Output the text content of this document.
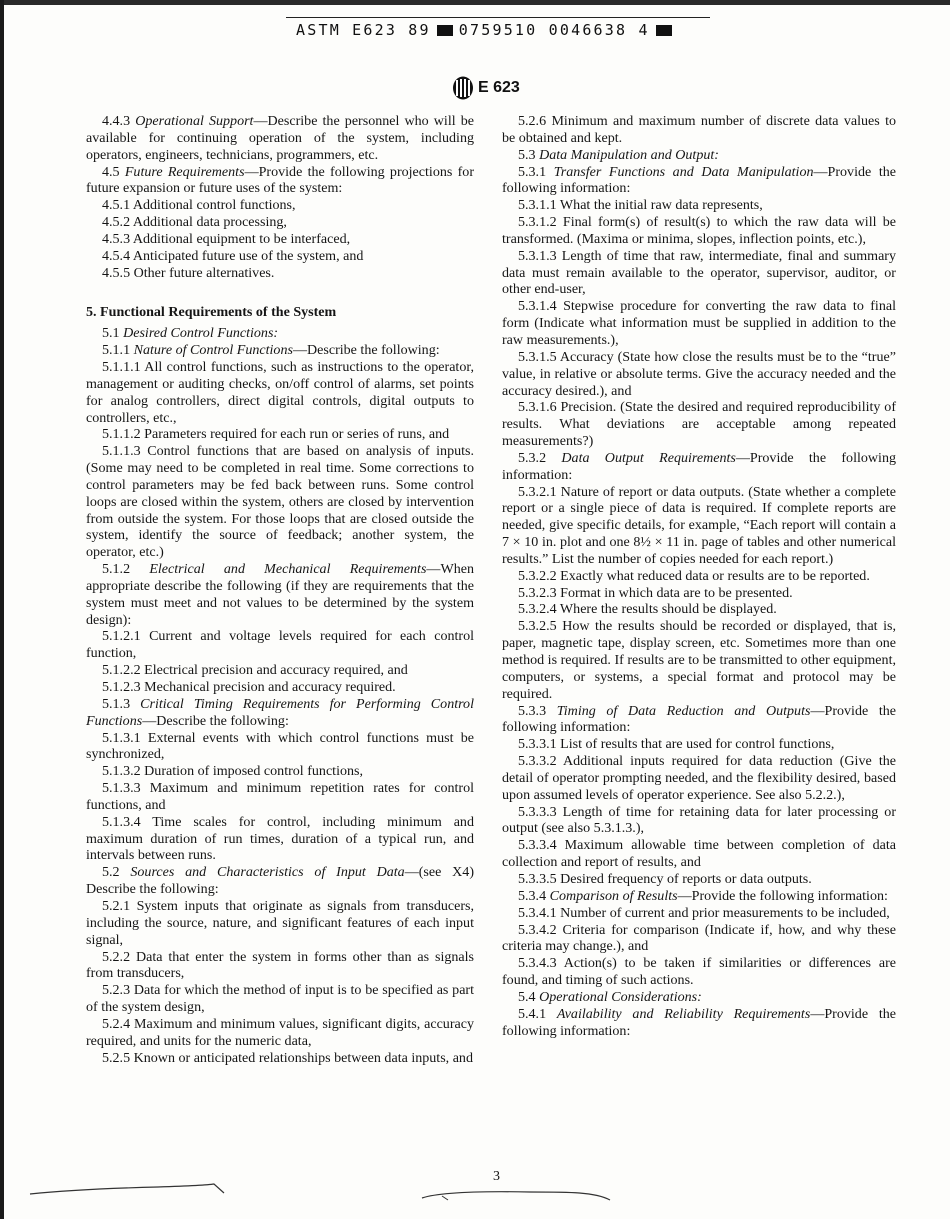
ASTM E623 89 0759510 0046638 4
E 623

4.4.3 Operational Support—Describe the personnel who will be available for continuing operation of the system, including operators, engineers, technicians, programmers, etc.

4.5 Future Requirements—Provide the following projections for future expansion or future uses of the system:

4.5.1 Additional control functions,

4.5.2 Additional data processing,

4.5.3 Additional equipment to be interfaced,

4.5.4 Anticipated future use of the system, and

4.5.5 Other future alternatives.

5. Functional Requirements of the System

5.1 Desired Control Functions:

5.1.1 Nature of Control Functions—Describe the following:

5.1.1.1 All control functions, such as instructions to the operator, management or auditing checks, on/off control of alarms, set points for analog controllers, direct digital controls, digital outputs to controllers, etc.,

5.1.1.2 Parameters required for each run or series of runs, and

5.1.1.3 Control functions that are based on analysis of inputs. (Some may need to be completed in real time. Some corrections to control parameters may be fed back between runs. Some control loops are closed within the system, others are closed by intervention from outside the system. For those loops that are closed outside the system, identify the source of feedback; another system, the operator, etc.)

5.1.2 Electrical and Mechanical Requirements—When appropriate describe the following (if they are requirements that the system must meet and not values to be determined by the system design):

5.1.2.1 Current and voltage levels required for each control function,

5.1.2.2 Electrical precision and accuracy required, and

5.1.2.3 Mechanical precision and accuracy required.

5.1.3 Critical Timing Requirements for Performing Control Functions—Describe the following:

5.1.3.1 External events with which control functions must be synchronized,

5.1.3.2 Duration of imposed control functions,

5.1.3.3 Maximum and minimum repetition rates for control functions, and

5.1.3.4 Time scales for control, including minimum and maximum duration of run times, duration of a typical run, and intervals between runs.

5.2 Sources and Characteristics of Input Data—(see X4) Describe the following:

5.2.1 System inputs that originate as signals from transducers, including the source, nature, and significant features of each input signal,

5.2.2 Data that enter the system in forms other than as signals from transducers,

5.2.3 Data for which the method of input is to be specified as part of the system design,

5.2.4 Maximum and minimum values, significant digits, accuracy required, and units for the numeric data,

5.2.5 Known or anticipated relationships between data inputs, and

5.2.6 Minimum and maximum number of discrete data values to be obtained and kept.

5.3 Data Manipulation and Output:

5.3.1 Transfer Functions and Data Manipulation—Provide the following information:

5.3.1.1 What the initial raw data represents,

5.3.1.2 Final form(s) of result(s) to which the raw data will be transformed. (Maxima or minima, slopes, inflection points, etc.),

5.3.1.3 Length of time that raw, intermediate, final and summary data must remain available to the operator, supervisor, auditor, or other end-user,

5.3.1.4 Stepwise procedure for converting the raw data to final form (Indicate what information must be supplied in addition to the raw measurements.),

5.3.1.5 Accuracy (State how close the results must be to the “true” value, in relative or absolute terms. Give the accuracy needed and the accuracy desired.), and

5.3.1.6 Precision. (State the desired and required reproducibility of results. What deviations are acceptable among repeated measurements?)

5.3.2 Data Output Requirements—Provide the following information:

5.3.2.1 Nature of report or data outputs. (State whether a complete report or a single piece of data is required. If complete reports are needed, give specific details, for example, “Each report will contain a 7 × 10 in. plot and one 8½ × 11 in. page of tables and other numerical results.” List the number of copies needed for each report.)

5.3.2.2 Exactly what reduced data or results are to be reported.

5.3.2.3 Format in which data are to be presented.

5.3.2.4 Where the results should be displayed.

5.3.2.5 How the results should be recorded or displayed, that is, paper, magnetic tape, display screen, etc. Sometimes more than one method is required. If results are to be transmitted to other equipment, computers, or systems, a special format and protocol may be required.

5.3.3 Timing of Data Reduction and Outputs—Provide the following information:

5.3.3.1 List of results that are used for control functions,

5.3.3.2 Additional inputs required for data reduction (Give the detail of operator prompting needed, and the flexibility desired, based upon assumed levels of operator experience. See also 5.2.2.),

5.3.3.3 Length of time for retaining data for later processing or output (see also 5.3.1.3.),

5.3.3.4 Maximum allowable time between completion of data collection and report of results, and

5.3.3.5 Desired frequency of reports or data outputs.

5.3.4 Comparison of Results—Provide the following information:

5.3.4.1 Number of current and prior measurements to be included,

5.3.4.2 Criteria for comparison (Indicate if, how, and why these criteria may change.), and

5.3.4.3 Action(s) to be taken if similarities or differences are found, and timing of such actions.

5.4 Operational Considerations:

5.4.1 Availability and Reliability Requirements—Provide the following information:

3
